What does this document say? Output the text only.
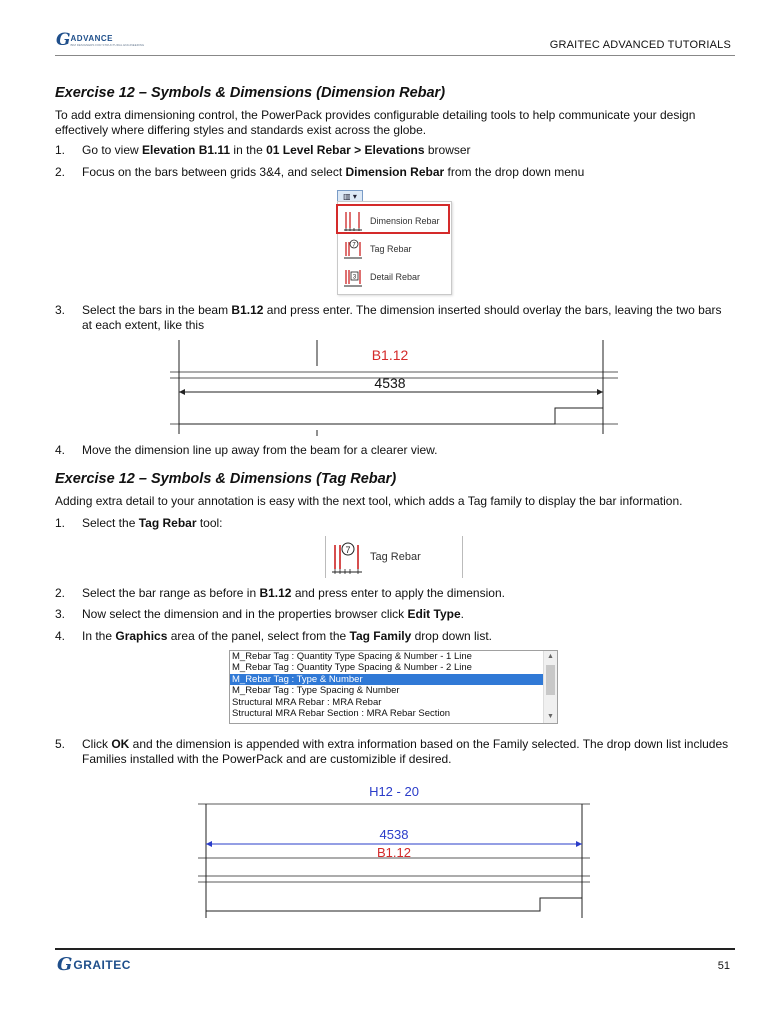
G ADVANCE
BIM DESIGNERS FOR STRUCTURAL ENGINEERING	GRAITEC ADVANCED TUTORIALS
Exercise 12 – Symbols & Dimensions (Dimension Rebar)
To add extra dimensioning control, the PowerPack provides configurable detailing tools to help communicate your design effectively where differing styles and standards exist across the globe.
1. Go to view Elevation B1.11 in the 01 Level Rebar > Elevations browser
2. Focus on the bars between grids 3&4, and select Dimension Rebar from the drop down menu
▥ ▾
Dimension Rebar
7 Tag Rebar
3 Detail Rebar
3. Select the bars in the beam B1.12 and press enter. The dimension inserted should overlay the bars, leaving the two bars at each extent, like this
B1.12
4538
4. Move the dimension line up away from the beam for a clearer view.
Exercise 12 – Symbols & Dimensions (Tag Rebar)
Adding extra detail to your annotation is easy with the next tool, which adds a Tag family to display the bar information.
1. Select the Tag Rebar tool:
7
Tag Rebar
2. Select the bar range as before in B1.12 and press enter to apply the dimension.
3. Now select the dimension and in the properties browser click Edit Type.
4. In the Graphics area of the panel, select from the Tag Family drop down list.
M_Rebar Tag : Quantity Type Spacing & Number - 1 Line
M_Rebar Tag : Quantity Type Spacing & Number - 2 Line
M_Rebar Tag : Type & Number
M_Rebar Tag : Type Spacing & Number
Structural MRA Rebar : MRA Rebar
Structural MRA Rebar Section : MRA Rebar Section
▲
▼
5. Click OK and the dimension is appended with extra information based on the Family selected. The drop down list includes Families installed with the PowerPack and are customizible if desired.
H12 - 20
4538
B1.12
G GRAITEC	51
